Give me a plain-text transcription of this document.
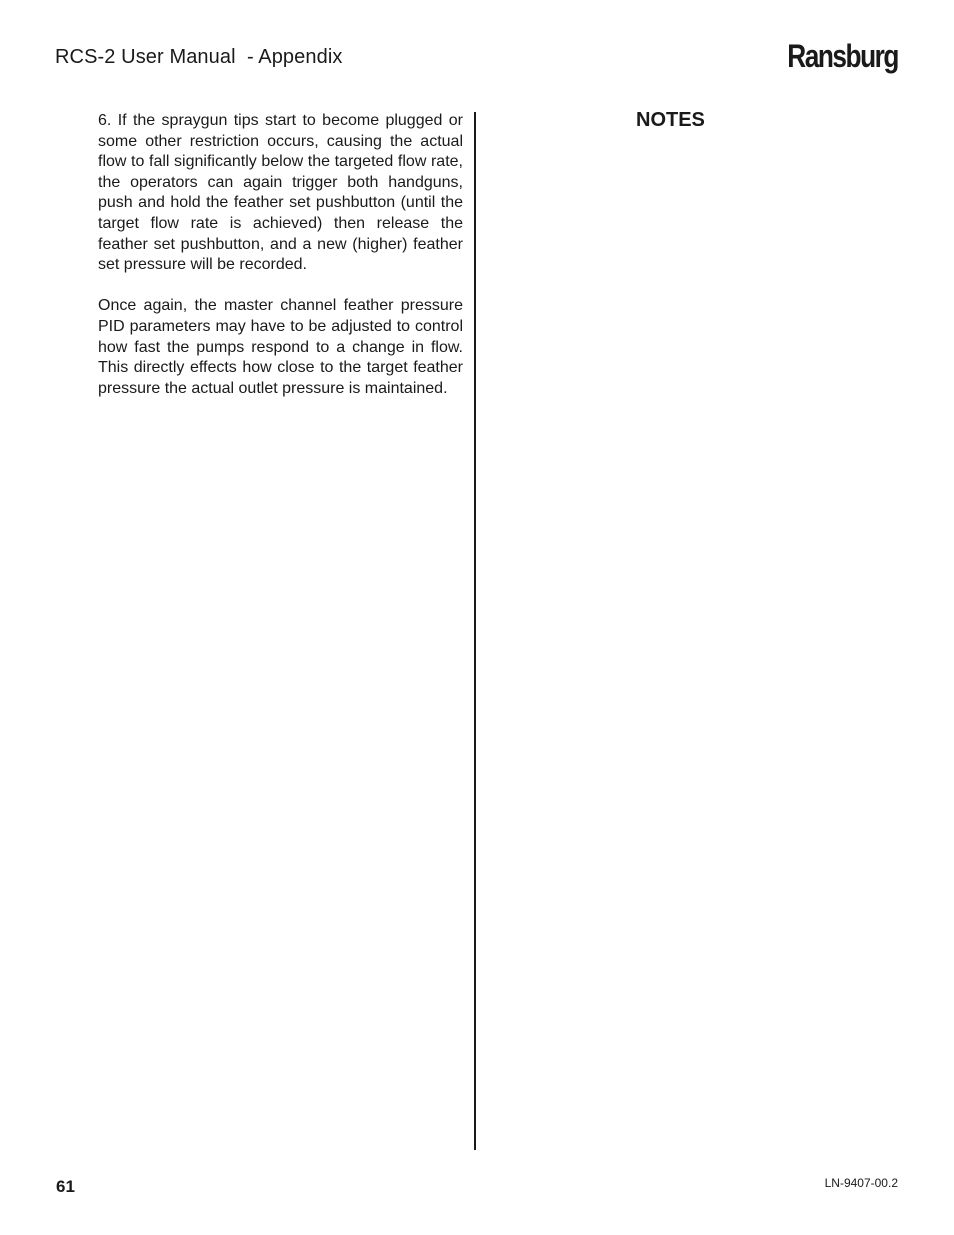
RCS-2 User Manual  - Appendix	Ransburg

6. If the spraygun tips start to become plugged or some other restriction occurs, causing the actual flow to fall significantly below the targeted flow rate, the operators can again trigger both handguns, push and hold the feather set pushbutton (until the target flow rate is achieved) then release the feather set pushbutton, and a new (higher) feather set pressure will be recorded.

Once again, the master channel feather pressure PID parameters may have to be adjusted to control how fast the pumps respond to a change in flow. This directly effects how close to the target feather pressure the actual outlet pressure is maintained.

NOTES
61	LN-9407-00.2
